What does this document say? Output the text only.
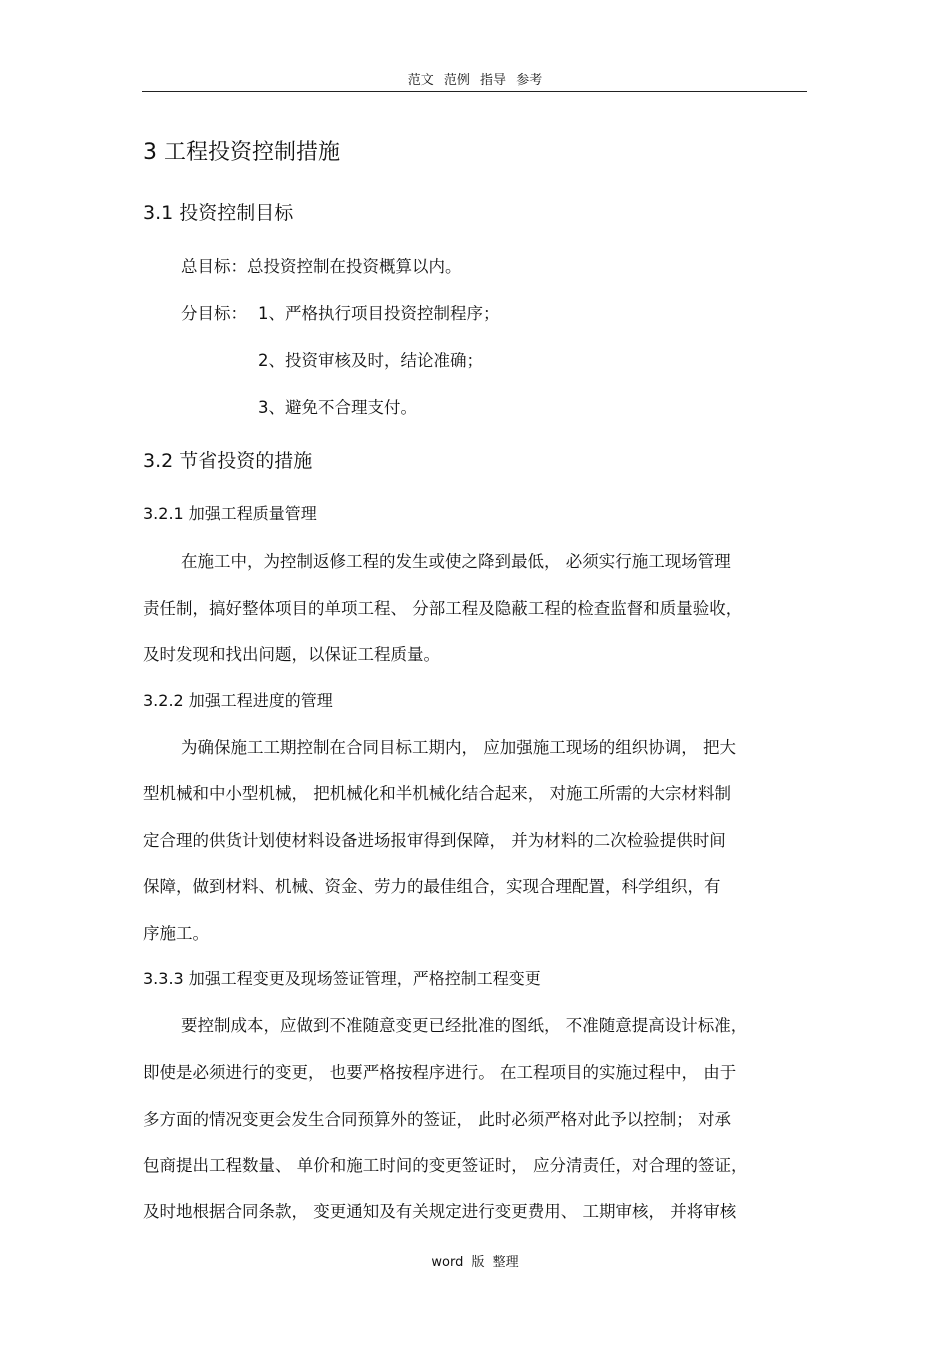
范文 范例 指导 参考
3 工程投资控制措施
3.1 投资控制目标
总目标：总投资控制在投资概算以内。
分目标： 1、严格执行项目投资控制程序；
2、投资审核及时，结论准确；
3、避免不合理支付。
3.2 节省投资的措施
3.2.1 加强工程质量管理
在施工中，为控制返修工程的发生或使之降到最低， 必须实行施工现场管理
责任制，搞好整体项目的单项工程、 分部工程及隐蔽工程的检查监督和质量验收，
及时发现和找出问题，以保证工程质量。
3.2.2 加强工程进度的管理
为确保施工工期控制在合同目标工期内， 应加强施工现场的组织协调， 把大
型机械和中小型机械， 把机械化和半机械化结合起来， 对施工所需的大宗材料制
定合理的供货计划使材料设备进场报审得到保障， 并为材料的二次检验提供时间
保障，做到材料、机械、资金、劳力的最佳组合，实现合理配置，科学组织，有
序施工。
3.3.3 加强工程变更及现场签证管理，严格控制工程变更
要控制成本，应做到不准随意变更已经批准的图纸， 不准随意提高设计标准，
即使是必须进行的变更， 也要严格按程序进行。 在工程项目的实施过程中， 由于
多方面的情况变更会发生合同预算外的签证， 此时必须严格对此予以控制； 对承
包商提出工程数量、 单价和施工时间的变更签证时， 应分清责任，对合理的签证，
及时地根据合同条款， 变更通知及有关规定进行变更费用、 工期审核， 并将审核
word 版 整理
